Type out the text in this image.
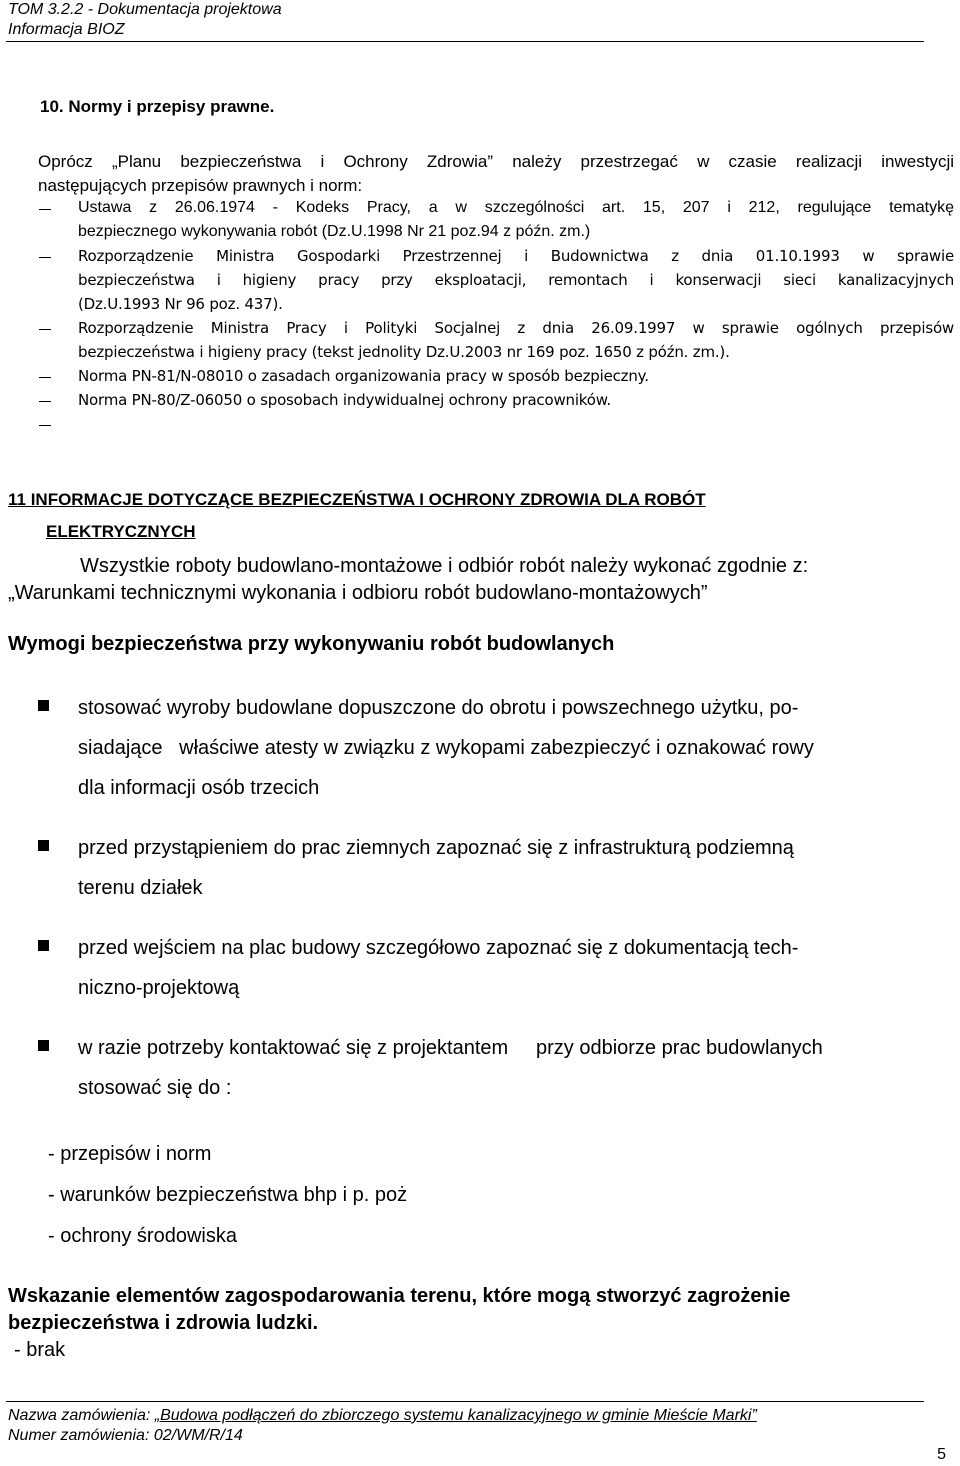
TOM 3.2.2 - Dokumentacja projektowa
Informacja BIOZ
10. Normy i przepisy prawne.
Oprócz „Planu bezpieczeństwa i Ochrony Zdrowia” należy przestrzegać w czasie realizacji inwestycji
następujących przepisów prawnych i norm:
Ustawa z 26.06.1974 - Kodeks Pracy, a w szczególności art. 15, 207 i 212, regulujące tematykę
bezpiecznego wykonywania robót (Dz.U.1998 Nr 21 poz.94 z późn. zm.)
Rozporządzenie Ministra Gospodarki Przestrzennej i Budownictwa z dnia 01.10.1993 w sprawie
bezpieczeństwa i higieny pracy przy eksploatacji, remontach i konserwacji sieci kanalizacyjnych
(Dz.U.1993 Nr 96 poz. 437).
Rozporządzenie Ministra Pracy i Polityki Socjalnej z dnia 26.09.1997 w sprawie ogólnych przepisów
bezpieczeństwa i higieny pracy (tekst jednolity Dz.U.2003 nr 169 poz. 1650 z późn. zm.).
Norma PN-81/N-08010 o zasadach organizowania pracy w sposób bezpieczny.
Norma PN-80/Z-06050 o sposobach indywidualnej ochrony pracowników.

11 INFORMACJE DOTYCZĄCE BEZPIECZEŃSTWA I OCHRONY ZDROWIA DLA ROBÓT
ELEKTRYCZNYCH
Wszystkie roboty budowlano-montażowe i odbiór robót należy wykonać zgodnie z:
„Warunkami technicznymi wykonania i odbioru robót budowlano-montażowych”
Wymogi bezpieczeństwa przy wykonywaniu robót budowlanych
stosować wyroby budowlane dopuszczone do obrotu i powszechnego użytku, po-
siadające   właściwe atesty w związku z wykopami zabezpieczyć i oznakować rowy
dla informacji osób trzecich
przed przystąpieniem do prac ziemnych zapoznać się z infrastrukturą podziemną
terenu działek
przed wejściem na plac budowy szczegółowo zapoznać się z dokumentacją tech-
niczno-projektową
w razie potrzeby kontaktować się z projektantem     przy odbiorze prac budowlanych
stosować się do :
- przepisów i norm
- warunków bezpieczeństwa bhp i p. poż
- ochrony środowiska
Wskazanie elementów zagospodarowania terenu, które mogą stworzyć zagrożenie
bezpieczeństwa i zdrowia ludzki.
- brak
Nazwa zamówienia: „Budowa podłączeń do zbiorczego systemu kanalizacyjnego w gminie Mieście Marki”
Numer zamówienia: 02/WM/R/14
5
